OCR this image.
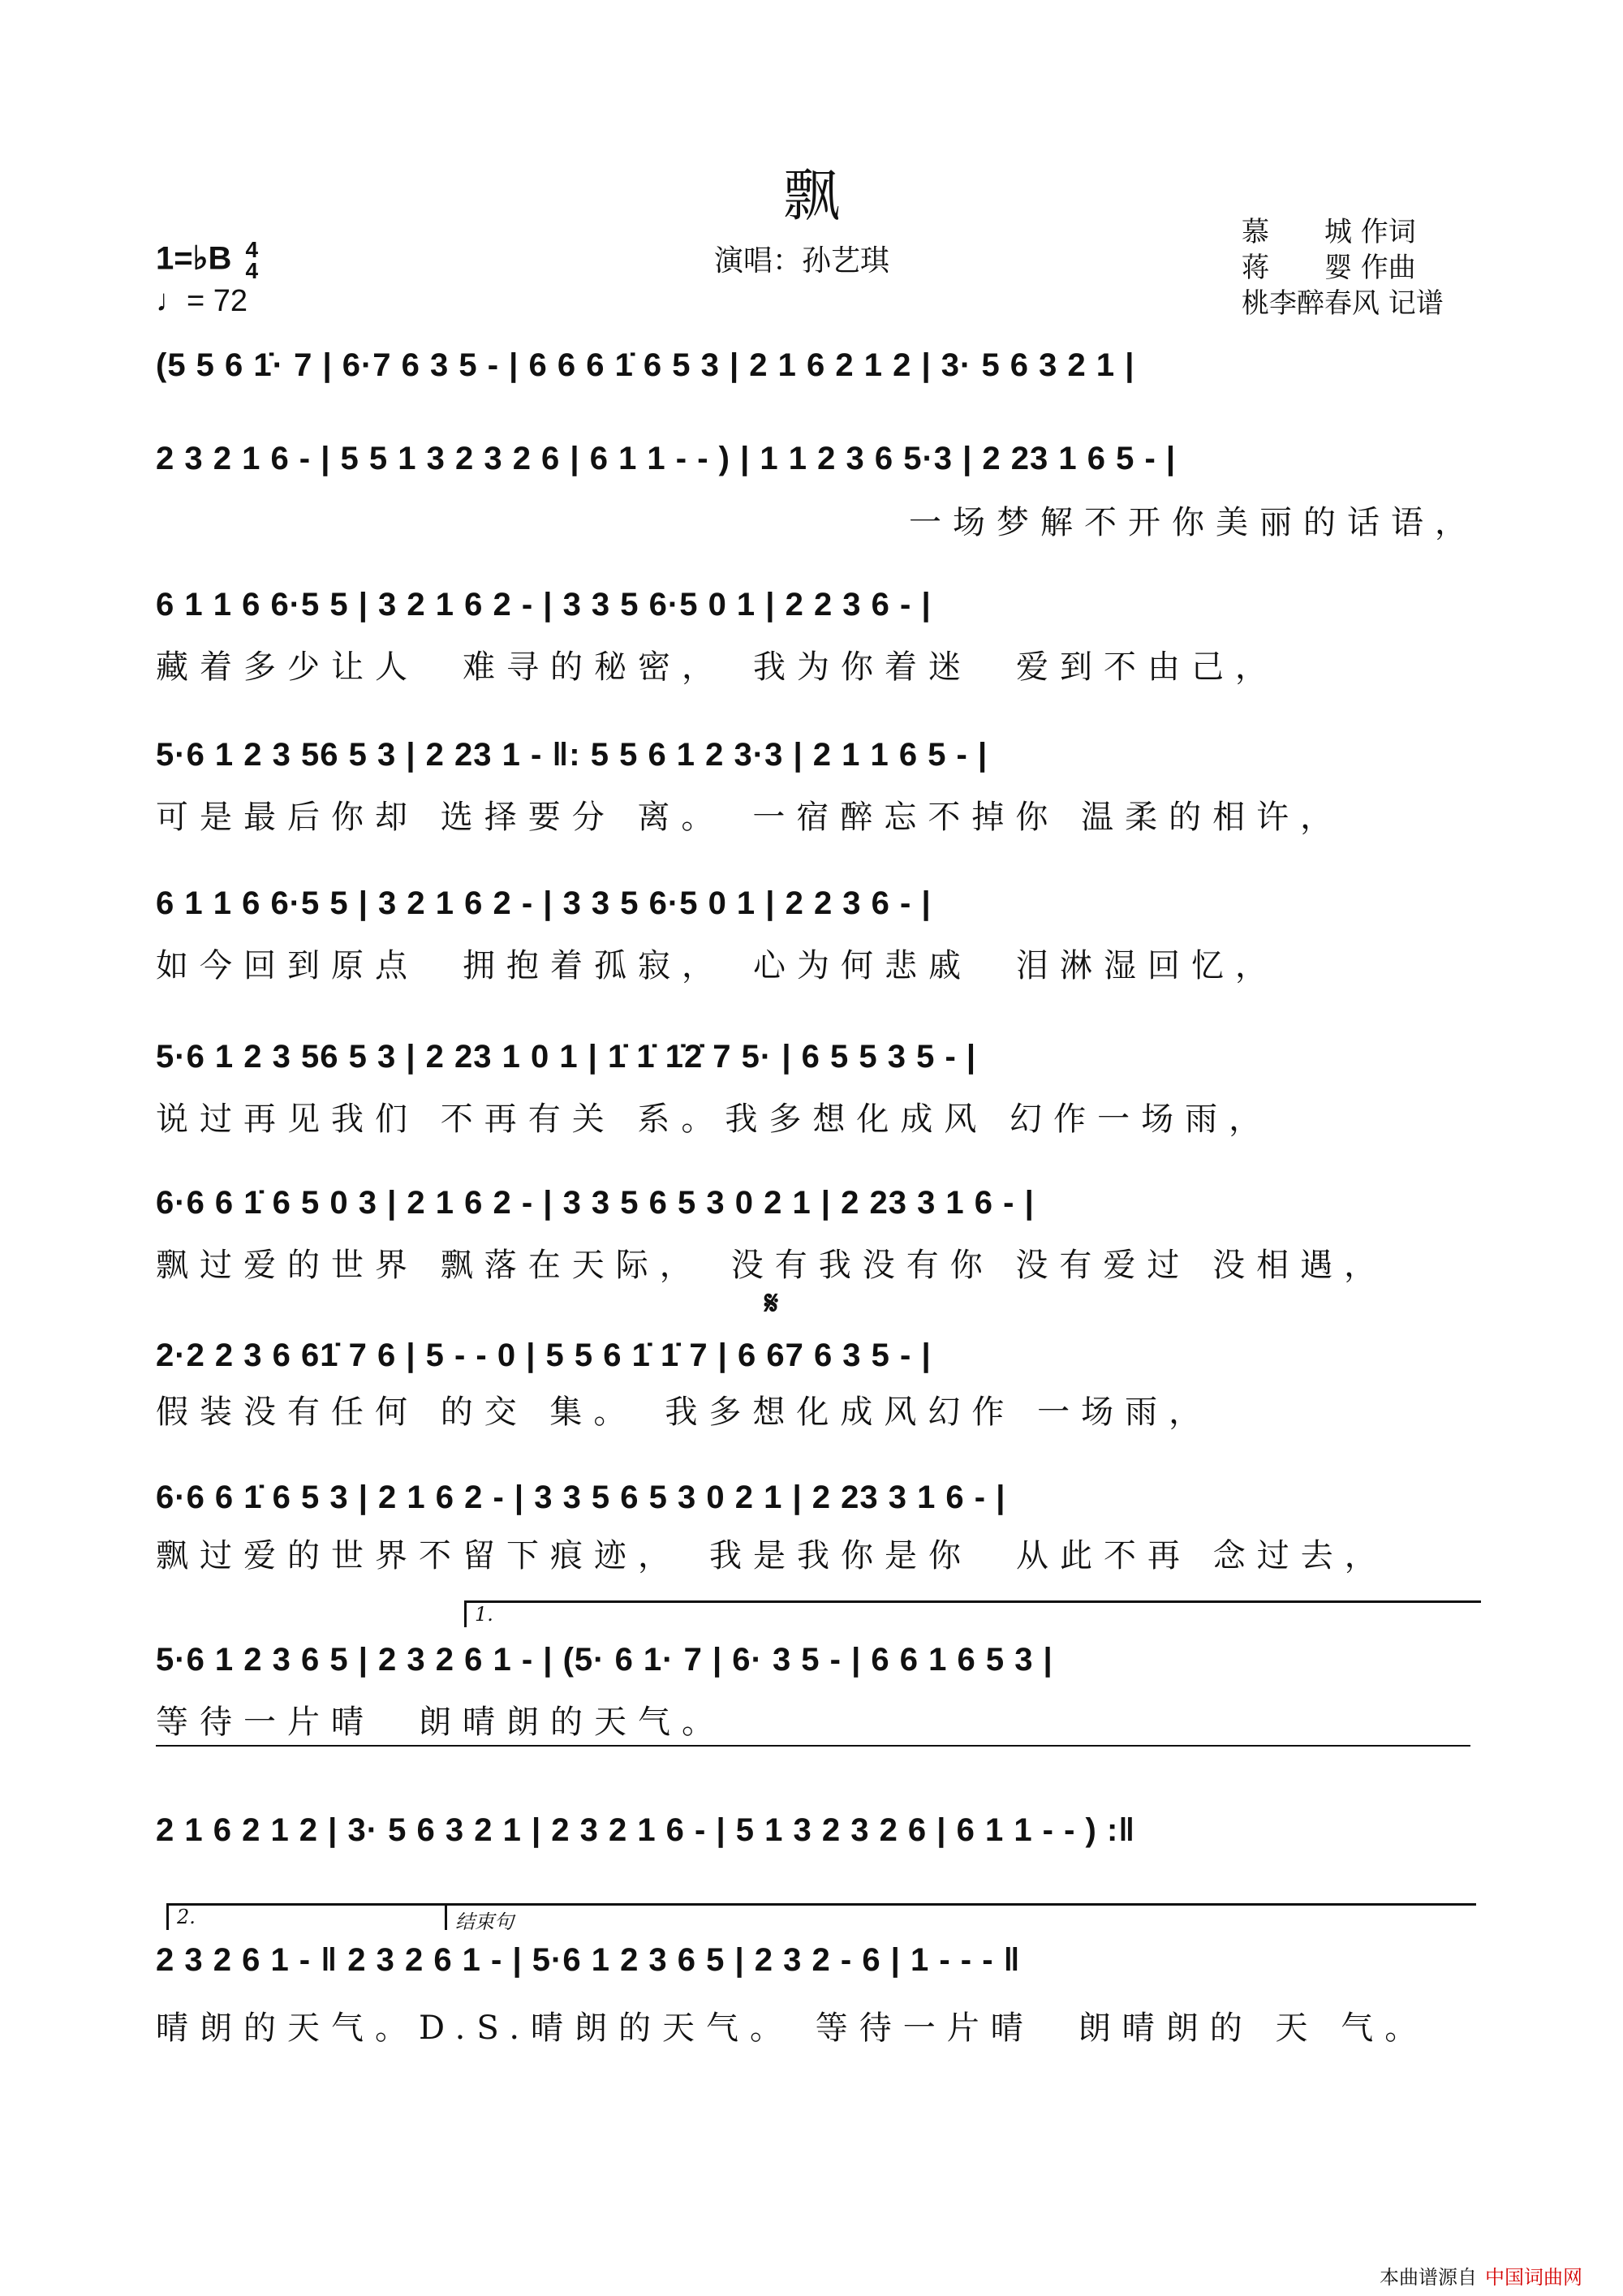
飘
演唱：孙艺琪
1=♭B 4
4
♩= 72
慕　　城 作词
蒋　　婴 作曲
桃李醉春风 记谱
(5 5 6 1̇· 7 | 6·7 6 3 5 - | 6 6 6 1̇ 6 5 3 | 2 1 6 2 1 2 | 3· 5 6 3 2 1 |
2 3 2 1 6 - | 5 5 1 3 2 3 2 6 | 6 1 1 - - ) | 1 1 2 3 6 5·3 | 2 23 1 6 5 - |
一场梦解不开你美丽的话语，
6 1 1 6 6·5 5 | 3 2 1 6 2 - | 3 3 5 6·5 0 1 | 2 2 3 6 - |
藏着多少让人　难寻的秘密，　我为你着迷　爱到不由己，
5·6 1 2 3 56 5 3 | 2 23 1 - ‖: 5 5 6 1 2 3·3 | 2 1 1 6 5 - |
可是最后你却 选择要分 离。　一宿醉忘不掉你 温柔的相许，
6 1 1 6 6·5 5 | 3 2 1 6 2 - | 3 3 5 6·5 0 1 | 2 2 3 6 - |
如今回到原点　拥抱着孤寂，　心为何悲戚　泪淋湿回忆，
5·6 1 2 3 56 5 3 | 2 23 1 0 1 | 1̇ 1̇ 1̇2̇ 7 5· | 6 5 5 3 5 - |
说过再见我们 不再有关 系。我多想化成风 幻作一场雨，
6·6 6 1̇ 6 5 0 3 | 2 1 6 2 - | 3 3 5 6 5 3 0 2 1 | 2 23 3 1 6 - |
飘过爱的世界 飘落在天际，　没有我没有你 没有爱过 没相遇，
𝄋
2·2 2 3 6 61̇ 7 6 | 5 - - 0 | 5 5 6 1̇ 1̇ 7 | 6 67 6 3 5 - |
假装没有任何 的交 集。　我多想化成风幻作 一场雨，
6·6 6 1̇ 6 5 3 | 2 1 6 2 - | 3 3 5 6 5 3 0 2 1 | 2 23 3 1 6 - |
飘过爱的世界不留下痕迹，　我是我你是你　从此不再 念过去，
1.
5·6 1 2 3 6 5 | 2 3 2 6 1 - | (5· 6 1· 7 | 6· 3 5 - | 6 6 1 6 5 3 |
等待一片晴　朗晴朗的天气。
2 1 6 2 1 2 | 3· 5 6 3 2 1 | 2 3 2 1 6 - | 5 1 3 2 3 2 6 | 6 1 1 - - ) :‖
2.	结束句
2 3 2 6 1 - ‖ 2 3 2 6 1 - | 5·6 1 2 3 6 5 | 2 3 2 - 6 | 1 - - - ‖
晴朗的天气。D.S.晴朗的天气。 等待一片晴　朗晴朗的 天 气。
本曲谱源自 中国词曲网
